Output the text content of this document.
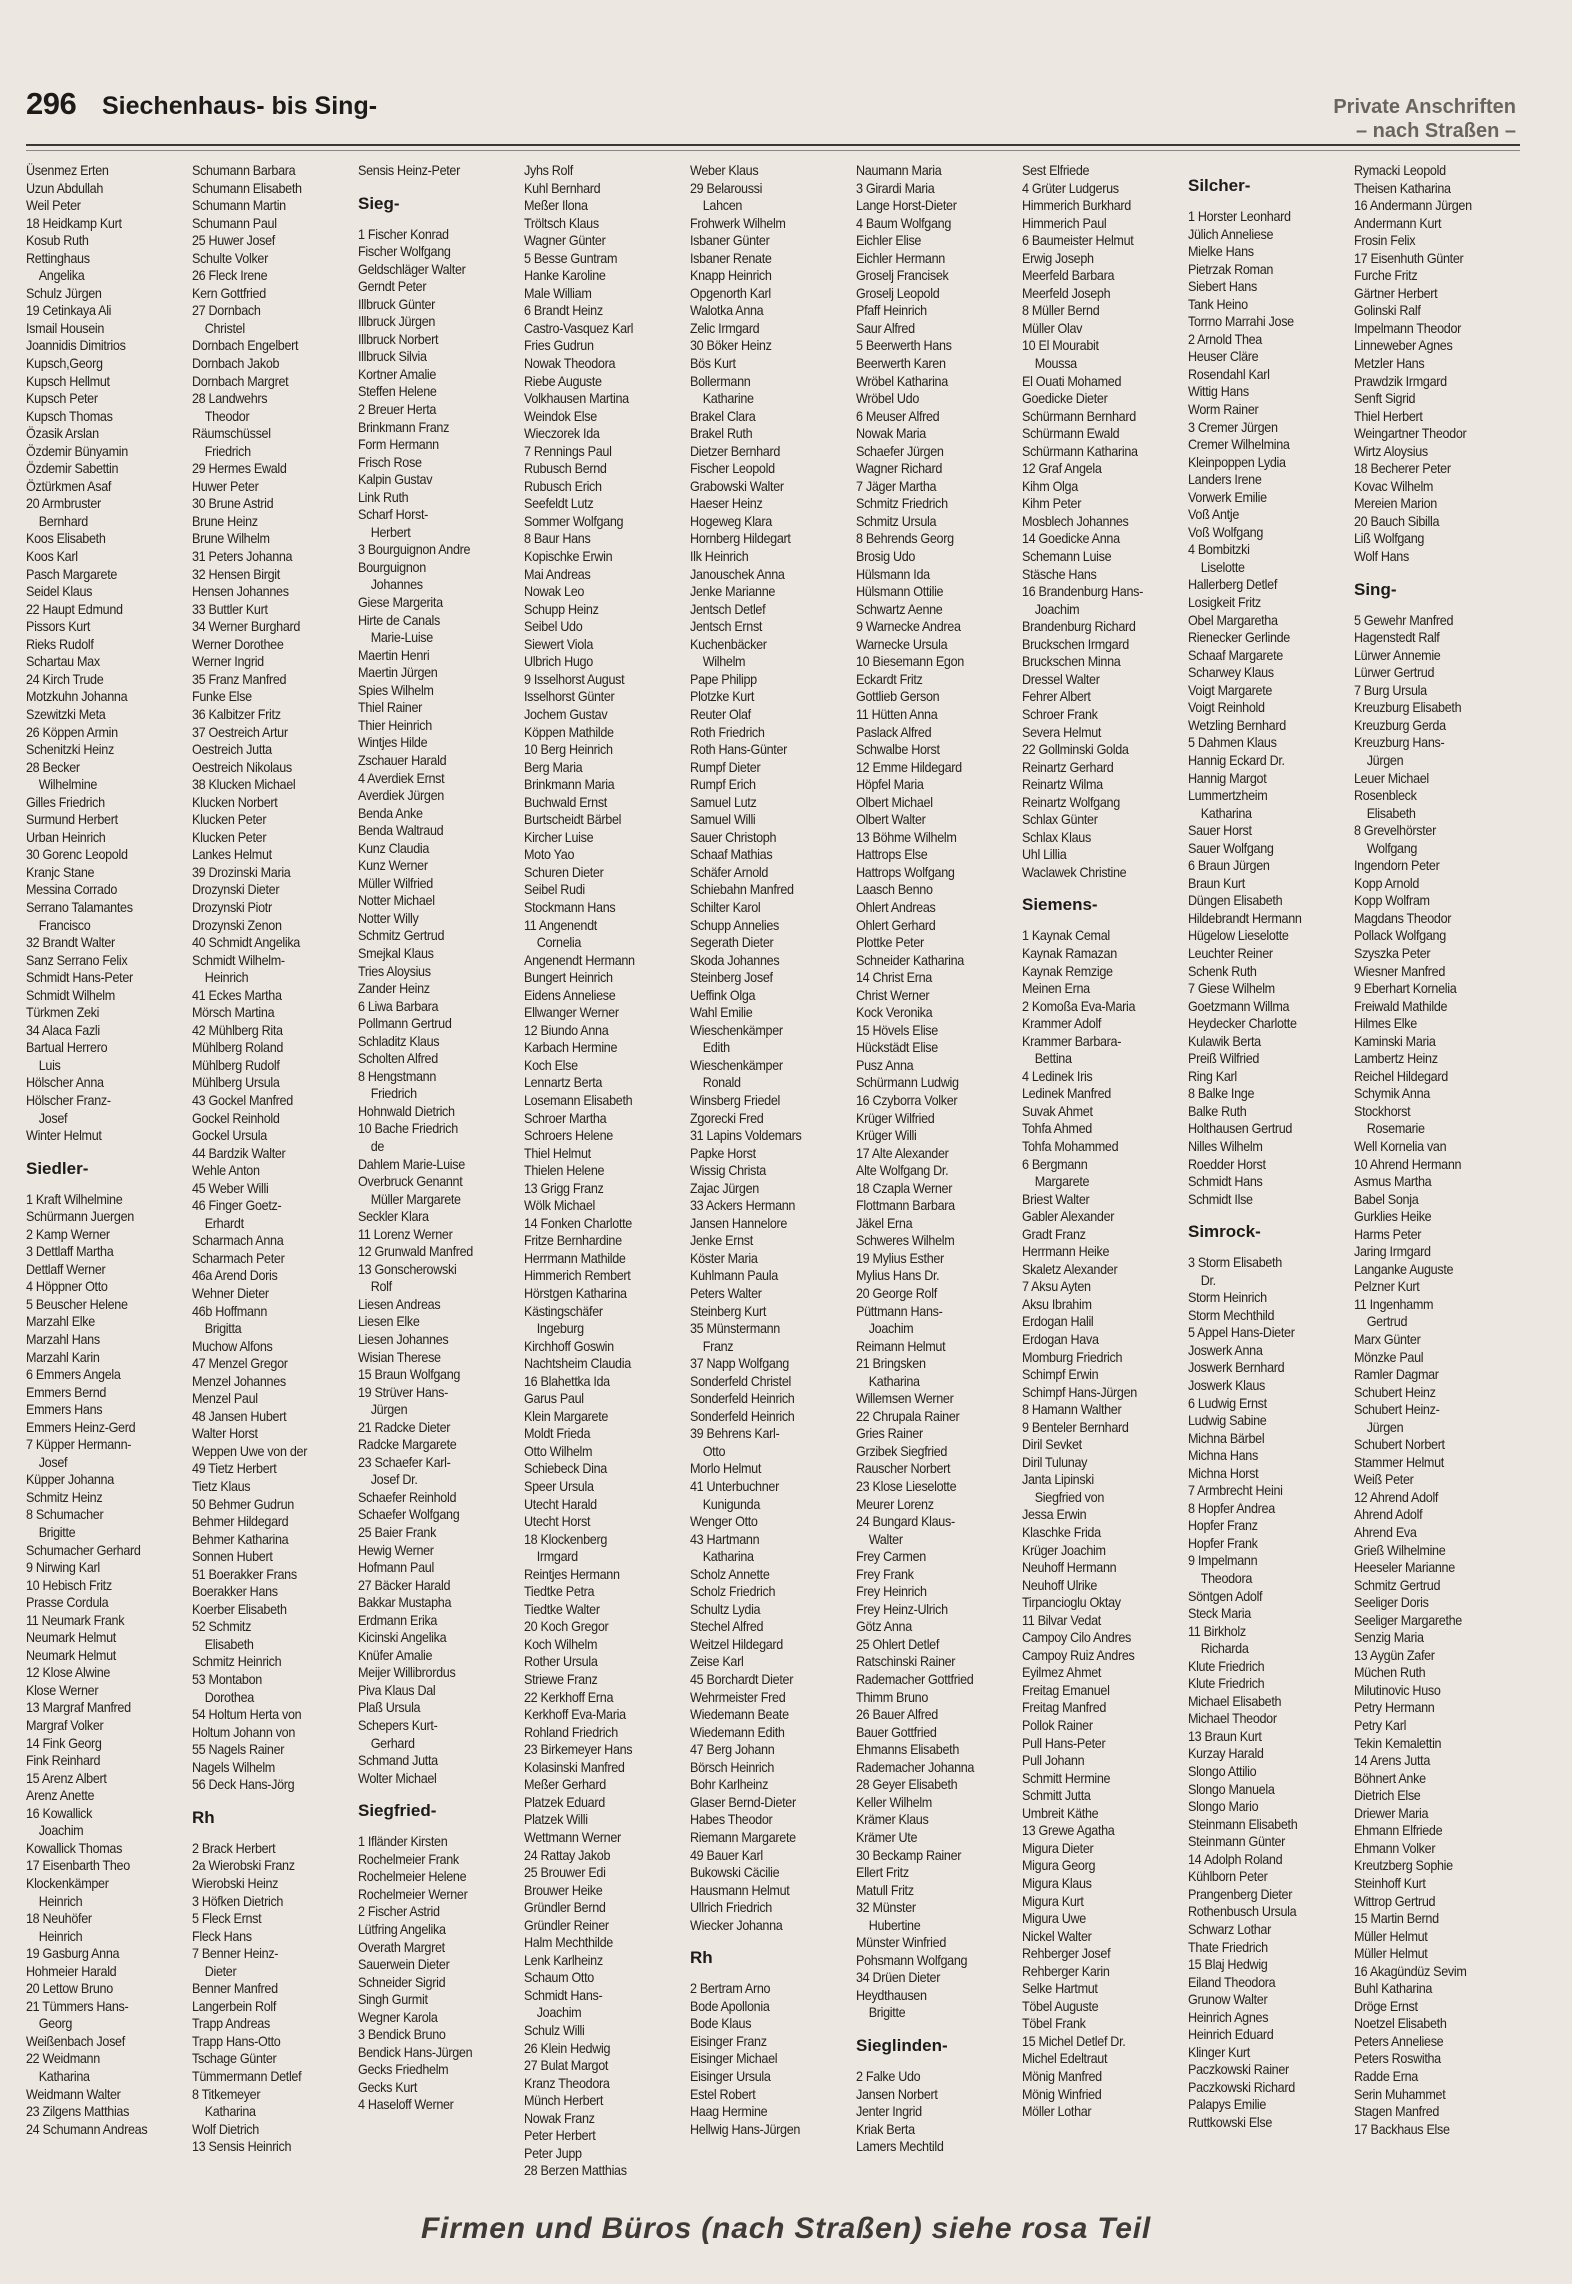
296 Siechenhaus- bis Sing-	Private Anschriften
– nach Straßen –
Üsenmez Erten
Uzun Abdullah
Weil Peter
18 Heidkamp Kurt
Kosub Ruth
Rettinghaus
Angelika
Schulz Jürgen
19 Cetinkaya Ali
Ismail Housein
Joannidis Dimitrios
Kupsch,Georg
Kupsch Hellmut
Kupsch Peter
Kupsch Thomas
Özasik Arslan
Özdemir Bünyamin
Özdemir Sabettin
Öztürkmen Asaf
20 Armbruster
Bernhard
Koos Elisabeth
Koos Karl
Pasch Margarete
Seidel Klaus
22 Haupt Edmund
Pissors Kurt
Rieks Rudolf
Schartau Max
24 Kirch Trude
Motzkuhn Johanna
Szewitzki Meta
26 Köppen Armin
Schenitzki Heinz
28 Becker
Wilhelmine
Gilles Friedrich
Surmund Herbert
Urban Heinrich
30 Gorenc Leopold
Kranjc Stane
Messina Corrado
Serrano Talamantes
Francisco
32 Brandt Walter
Sanz Serrano Felix
Schmidt Hans-Peter
Schmidt Wilhelm
Türkmen Zeki
34 Alaca Fazli
Bartual Herrero
Luis
Hölscher Anna
Hölscher Franz-
Josef
Winter Helmut
Siedler-
1 Kraft Wilhelmine
Schürmann Juergen
2 Kamp Werner
3 Dettlaff Martha
Dettlaff Werner
4 Höppner Otto
5 Beuscher Helene
Marzahl Elke
Marzahl Hans
Marzahl Karin
6 Emmers Angela
Emmers Bernd
Emmers Hans
Emmers Heinz-Gerd
7 Küpper Hermann-
Josef
Küpper Johanna
Schmitz Heinz
8 Schumacher
Brigitte
Schumacher Gerhard
9 Nirwing Karl
10 Hebisch Fritz
Prasse Cordula
11 Neumark Frank
Neumark Helmut
Neumark Helmut
12 Klose Alwine
Klose Werner
13 Margraf Manfred
Margraf Volker
14 Fink Georg
Fink Reinhard
15 Arenz Albert
Arenz Anette
16 Kowallick
Joachim
Kowallick Thomas
17 Eisenbarth Theo
Klockenkämper
Heinrich
18 Neuhöfer
Heinrich
19 Gasburg Anna
Hohmeier Harald
20 Lettow Bruno
21 Tümmers Hans-
Georg
Weißenbach Josef
22 Weidmann
Katharina
Weidmann Walter
23 Zilgens Matthias
24 Schumann Andreas
Schumann Barbara
Schumann Elisabeth
Schumann Martin
Schumann Paul
25 Huwer Josef
Schulte Volker
26 Fleck Irene
Kern Gottfried
27 Dornbach
Christel
Dornbach Engelbert
Dornbach Jakob
Dornbach Margret
28 Landwehrs
Theodor
Räumschüssel
Friedrich
29 Hermes Ewald
Huwer Peter
30 Brune Astrid
Brune Heinz
Brune Wilhelm
31 Peters Johanna
32 Hensen Birgit
Hensen Johannes
33 Buttler Kurt
34 Werner Burghard
Werner Dorothee
Werner Ingrid
35 Franz Manfred
Funke Else
36 Kalbitzer Fritz
37 Oestreich Artur
Oestreich Jutta
Oestreich Nikolaus
38 Klucken Michael
Klucken Norbert
Klucken Peter
Klucken Peter
Lankes Helmut
39 Drozinski Maria
Drozynski Dieter
Drozynski Piotr
Drozynski Zenon
40 Schmidt Angelika
Schmidt Wilhelm-
Heinrich
41 Eckes Martha
Mörsch Martina
42 Mühlberg Rita
Mühlberg Roland
Mühlberg Rudolf
Mühlberg Ursula
43 Gockel Manfred
Gockel Reinhold
Gockel Ursula
44 Bardzik Walter
Wehle Anton
45 Weber Willi
46 Finger Goetz-
Erhardt
Scharmach Anna
Scharmach Peter
46a Arend Doris
Wehner Dieter
46b Hoffmann
Brigitta
Muchow Alfons
47 Menzel Gregor
Menzel Johannes
Menzel Paul
48 Jansen Hubert
Walter Horst
Weppen Uwe von der
49 Tietz Herbert
Tietz Klaus
50 Behmer Gudrun
Behmer Hildegard
Behmer Katharina
Sonnen Hubert
51 Boerakker Frans
Boerakker Hans
Koerber Elisabeth
52 Schmitz
Elisabeth
Schmitz Heinrich
53 Montabon
Dorothea
54 Holtum Herta von
Holtum Johann von
55 Nagels Rainer
Nagels Wilhelm
56 Deck Hans-Jörg
Rh
2 Brack Herbert
2a Wierobski Franz
Wierobski Heinz
3 Höfken Dietrich
5 Fleck Ernst
Fleck Hans
7 Benner Heinz-
Dieter
Benner Manfred
Langerbein Rolf
Trapp Andreas
Trapp Hans-Otto
Tschage Günter
Tümmermann Detlef
8 Titkemeyer
Katharina
Wolf Dietrich
13 Sensis Heinrich
Sensis Heinz-Peter
Sieg-
1 Fischer Konrad
Fischer Wolfgang
Geldschläger Walter
Gerndt Peter
Illbruck Günter
Illbruck Jürgen
Illbruck Norbert
Illbruck Silvia
Kortner Amalie
Steffen Helene
2 Breuer Herta
Brinkmann Franz
Form Hermann
Frisch Rose
Kalpin Gustav
Link Ruth
Scharf Horst-
Herbert
3 Bourguignon Andre
Bourguignon
Johannes
Giese Margerita
Hirte de Canals
Marie-Luise
Maertin Henri
Maertin Jürgen
Spies Wilhelm
Thiel Rainer
Thier Heinrich
Wintjes Hilde
Zschauer Harald
4 Averdiek Ernst
Averdiek Jürgen
Benda Anke
Benda Waltraud
Kunz Claudia
Kunz Werner
Müller Wilfried
Notter Michael
Notter Willy
Schmitz Gertrud
Smejkal Klaus
Tries Aloysius
Zander Heinz
6 Liwa Barbara
Pollmann Gertrud
Schladitz Klaus
Scholten Alfred
8 Hengstmann
Friedrich
Hohnwald Dietrich
10 Bache Friedrich
de
Dahlem Marie-Luise
Overbruck Genannt
Müller Margarete
Seckler Klara
11 Lorenz Werner
12 Grunwald Manfred
13 Gonscherowski
Rolf
Liesen Andreas
Liesen Elke
Liesen Johannes
Wisian Therese
15 Braun Wolfgang
19 Strüver Hans-
Jürgen
21 Radcke Dieter
Radcke Margarete
23 Schaefer Karl-
Josef Dr.
Schaefer Reinhold
Schaefer Wolfgang
25 Baier Frank
Hewig Werner
Hofmann Paul
27 Bäcker Harald
Bakkar Mustapha
Erdmann Erika
Kicinski Angelika
Knüfer Amalie
Meijer Willibrordus
Piva Klaus Dal
Plaß Ursula
Schepers Kurt-
Gerhard
Schmand Jutta
Wolter Michael
Siegfried-
1 Ifländer Kirsten
Rochelmeier Frank
Rochelmeier Helene
Rochelmeier Werner
2 Fischer Astrid
Lütfring Angelika
Overath Margret
Sauerwein Dieter
Schneider Sigrid
Singh Gurmit
Wegner Karola
3 Bendick Bruno
Bendick Hans-Jürgen
Gecks Friedhelm
Gecks Kurt
4 Haseloff Werner
Jyhs Rolf
Kuhl Bernhard
Meßer Ilona
Tröltsch Klaus
Wagner Günter
5 Besse Guntram
Hanke Karoline
Male William
6 Brandt Heinz
Castro-Vasquez Karl
Fries Gudrun
Nowak Theodora
Riebe Auguste
Volkhausen Martina
Weindok Else
Wieczorek Ida
7 Rennings Paul
Rubusch Bernd
Rubusch Erich
Seefeldt Lutz
Sommer Wolfgang
8 Baur Hans
Kopischke Erwin
Mai Andreas
Nowak Leo
Schupp Heinz
Seibel Udo
Siewert Viola
Ulbrich Hugo
9 Isselhorst August
Isselhorst Günter
Jochem Gustav
Köppen Mathilde
10 Berg Heinrich
Berg Maria
Brinkmann Maria
Buchwald Ernst
Burtscheidt Bärbel
Kircher Luise
Moto Yao
Schuren Dieter
Seibel Rudi
Stockmann Hans
11 Angenendt
Cornelia
Angenendt Hermann
Bungert Heinrich
Eidens Anneliese
Ellwanger Werner
12 Biundo Anna
Karbach Hermine
Koch Else
Lennartz Berta
Losemann Elisabeth
Schroer Martha
Schroers Helene
Thiel Helmut
Thielen Helene
13 Grigg Franz
Wölk Michael
14 Fonken Charlotte
Fritze Bernhardine
Herrmann Mathilde
Himmerich Rembert
Hörstgen Katharina
Kästingschäfer
Ingeburg
Kirchhoff Goswin
Nachtsheim Claudia
16 Blahettka Ida
Garus Paul
Klein Margarete
Moldt Frieda
Otto Wilhelm
Schiebeck Dina
Speer Ursula
Utecht Harald
Utecht Horst
18 Klockenberg
Irmgard
Reintjes Hermann
Tiedtke Petra
Tiedtke Walter
20 Koch Gregor
Koch Wilhelm
Rother Ursula
Striewe Franz
22 Kerkhoff Erna
Kerkhoff Eva-Maria
Rohland Friedrich
23 Birkemeyer Hans
Kolasinski Manfred
Meßer Gerhard
Platzek Eduard
Platzek Willi
Wettmann Werner
24 Rattay Jakob
25 Brouwer Edi
Brouwer Heike
Gründler Bernd
Gründler Reiner
Halm Mechthilde
Lenk Karlheinz
Schaum Otto
Schmidt Hans-
Joachim
Schulz Willi
26 Klein Hedwig
27 Bulat Margot
Kranz Theodora
Münch Herbert
Nowak Franz
Peter Herbert
Peter Jupp
28 Berzen Matthias
Weber Klaus
29 Belaroussi
Lahcen
Frohwerk Wilhelm
Isbaner Günter
Isbaner Renate
Knapp Heinrich
Opgenorth Karl
Walotka Anna
Zelic Irmgard
30 Böker Heinz
Bös Kurt
Bollermann
Katharine
Brakel Clara
Brakel Ruth
Dietzer Bernhard
Fischer Leopold
Grabowski Walter
Haeser Heinz
Hogeweg Klara
Hornberg Hildegart
Ilk Heinrich
Janouschek Anna
Jenke Marianne
Jentsch Detlef
Jentsch Ernst
Kuchenbäcker
Wilhelm
Pape Philipp
Plotzke Kurt
Reuter Olaf
Roth Friedrich
Roth Hans-Günter
Rumpf Dieter
Rumpf Erich
Samuel Lutz
Samuel Willi
Sauer Christoph
Schaaf Mathias
Schäfer Arnold
Schiebahn Manfred
Schilter Karol
Schupp Annelies
Segerath Dieter
Skoda Johannes
Steinberg Josef
Ueffink Olga
Wahl Emilie
Wieschenkämper
Edith
Wieschenkämper
Ronald
Winsberg Friedel
Zgorecki Fred
31 Lapins Voldemars
Papke Horst
Wissig Christa
Zajac Jürgen
33 Ackers Hermann
Jansen Hannelore
Jenke Ernst
Köster Maria
Kuhlmann Paula
Peters Walter
Steinberg Kurt
35 Münstermann
Franz
37 Napp Wolfgang
Sonderfeld Christel
Sonderfeld Heinrich
Sonderfeld Heinrich
39 Behrens Karl-
Otto
Morlo Helmut
41 Unterbuchner
Kunigunda
Wenger Otto
43 Hartmann
Katharina
Scholz Annette
Scholz Friedrich
Schultz Lydia
Stechel Alfred
Weitzel Hildegard
Zeise Karl
45 Borchardt Dieter
Wehrmeister Fred
Wiedemann Beate
Wiedemann Edith
47 Berg Johann
Börsch Heinrich
Bohr Karlheinz
Glaser Bernd-Dieter
Habes Theodor
Riemann Margarete
49 Bauer Karl
Bukowski Cäcilie
Hausmann Helmut
Ullrich Friedrich
Wiecker Johanna
Rh
2 Bertram Arno
Bode Apollonia
Bode Klaus
Eisinger Franz
Eisinger Michael
Eisinger Ursula
Estel Robert
Haag Hermine
Hellwig Hans-Jürgen
Naumann Maria
3 Girardi Maria
Lange Horst-Dieter
4 Baum Wolfgang
Eichler Elise
Eichler Hermann
Groselj Francisek
Groselj Leopold
Pfaff Heinrich
Saur Alfred
5 Beerwerth Hans
Beerwerth Karen
Wröbel Katharina
Wröbel Udo
6 Meuser Alfred
Nowak Maria
Schaefer Jürgen
Wagner Richard
7 Jäger Martha
Schmitz Friedrich
Schmitz Ursula
8 Behrends Georg
Brosig Udo
Hülsmann Ida
Hülsmann Ottilie
Schwartz Aenne
9 Warnecke Andrea
Warnecke Ursula
10 Biesemann Egon
Eckardt Fritz
Gottlieb Gerson
11 Hütten Anna
Paslack Alfred
Schwalbe Horst
12 Emme Hildegard
Höpfel Maria
Olbert Michael
Olbert Walter
13 Böhme Wilhelm
Hattrops Else
Hattrops Wolfgang
Laasch Benno
Ohlert Andreas
Ohlert Gerhard
Plottke Peter
Schneider Katharina
14 Christ Erna
Christ Werner
Kock Veronika
15 Hövels Elise
Hückstädt Elise
Pusz Anna
Schürmann Ludwig
16 Czyborra Volker
Krüger Wilfried
Krüger Willi
17 Alte Alexander
Alte Wolfgang Dr.
18 Czapla Werner
Flottmann Barbara
Jäkel Erna
Schweres Wilhelm
19 Mylius Esther
Mylius Hans Dr.
20 George Rolf
Püttmann Hans-
Joachim
Reimann Helmut
21 Bringsken
Katharina
Willemsen Werner
22 Chrupala Rainer
Gries Rainer
Grzibek Siegfried
Rauscher Norbert
23 Klose Lieselotte
Meurer Lorenz
24 Bungard Klaus-
Walter
Frey Carmen
Frey Frank
Frey Heinrich
Frey Heinz-Ulrich
Götz Anna
25 Ohlert Detlef
Ratschinski Rainer
Rademacher Gottfried
Thimm Bruno
26 Bauer Alfred
Bauer Gottfried
Ehmanns Elisabeth
Rademacher Johanna
28 Geyer Elisabeth
Keller Wilhelm
Krämer Klaus
Krämer Ute
30 Beckamp Rainer
Ellert Fritz
Matull Fritz
32 Münster
Hubertine
Münster Winfried
Pohsmann Wolfgang
34 Drüen Dieter
Heydthausen
Brigitte
Sieglinden-
2 Falke Udo
Jansen Norbert
Jenter Ingrid
Kriak Berta
Lamers Mechtild
Sest Elfriede
4 Grüter Ludgerus
Himmerich Burkhard
Himmerich Paul
6 Baumeister Helmut
Erwig Joseph
Meerfeld Barbara
Meerfeld Joseph
8 Müller Bernd
Müller Olav
10 El Mourabit
Moussa
El Ouati Mohamed
Goedicke Dieter
Schürmann Bernhard
Schürmann Ewald
Schürmann Katharina
12 Graf Angela
Kihm Olga
Kihm Peter
Mosblech Johannes
14 Goedicke Anna
Schemann Luise
Stäsche Hans
16 Brandenburg Hans-
Joachim
Brandenburg Richard
Bruckschen Irmgard
Bruckschen Minna
Dressel Walter
Fehrer Albert
Schroer Frank
Severa Helmut
22 Gollminski Golda
Reinartz Gerhard
Reinartz Wilma
Reinartz Wolfgang
Schlax Günter
Schlax Klaus
Uhl Lillia
Waclawek Christine
Siemens-
1 Kaynak Cemal
Kaynak Ramazan
Kaynak Remzige
Meinen Erna
2 Komoßa Eva-Maria
Krammer Adolf
Krammer Barbara-
Bettina
4 Ledinek Iris
Ledinek Manfred
Suvak Ahmet
Tohfa Ahmed
Tohfa Mohammed
6 Bergmann
Margarete
Briest Walter
Gabler Alexander
Gradt Franz
Herrmann Heike
Skaletz Alexander
7 Aksu Ayten
Aksu Ibrahim
Erdogan Halil
Erdogan Hava
Momburg Friedrich
Schimpf Erwin
Schimpf Hans-Jürgen
8 Hamann Walther
9 Benteler Bernhard
Diril Sevket
Diril Tulunay
Janta Lipinski
Siegfried von
Jessa Erwin
Klaschke Frida
Krüger Joachim
Neuhoff Hermann
Neuhoff Ulrike
Tirpancioglu Oktay
11 Bilvar Vedat
Campoy Cilo Andres
Campoy Ruiz Andres
Eyilmez Ahmet
Freitag Emanuel
Freitag Manfred
Pollok Rainer
Pull Hans-Peter
Pull Johann
Schmitt Hermine
Schmitt Jutta
Umbreit Käthe
13 Grewe Agatha
Migura Dieter
Migura Georg
Migura Klaus
Migura Kurt
Migura Uwe
Nickel Walter
Rehberger Josef
Rehberger Karin
Selke Hartmut
Töbel Auguste
Töbel Frank
15 Michel Detlef Dr.
Michel Edeltraut
Mönig Manfred
Mönig Winfried
Möller Lothar
Silcher-
1 Horster Leonhard
Jülich Anneliese
Mielke Hans
Pietrzak Roman
Siebert Hans
Tank Heino
Torrno Marrahi Jose
2 Arnold Thea
Heuser Cläre
Rosendahl Karl
Wittig Hans
Worm Rainer
3 Cremer Jürgen
Cremer Wilhelmina
Kleinpoppen Lydia
Landers Irene
Vorwerk Emilie
Voß Antje
Voß Wolfgang
4 Bombitzki
Liselotte
Hallerberg Detlef
Losigkeit Fritz
Obel Margaretha
Rienecker Gerlinde
Schaaf Margarete
Scharwey Klaus
Voigt Margarete
Voigt Reinhold
Wetzling Bernhard
5 Dahmen Klaus
Hannig Eckard Dr.
Hannig Margot
Lummertzheim
Katharina
Sauer Horst
Sauer Wolfgang
6 Braun Jürgen
Braun Kurt
Düngen Elisabeth
Hildebrandt Hermann
Hügelow Lieselotte
Leuchter Reiner
Schenk Ruth
7 Giese Wilhelm
Goetzmann Willma
Heydecker Charlotte
Kulawik Berta
Preiß Wilfried
Ring Karl
8 Balke Inge
Balke Ruth
Holthausen Gertrud
Nilles Wilhelm
Roedder Horst
Schmidt Hans
Schmidt Ilse
Simrock-
3 Storm Elisabeth
Dr.
Storm Heinrich
Storm Mechthild
5 Appel Hans-Dieter
Joswerk Anna
Joswerk Bernhard
Joswerk Klaus
6 Ludwig Ernst
Ludwig Sabine
Michna Bärbel
Michna Hans
Michna Horst
7 Armbrecht Heini
8 Hopfer Andrea
Hopfer Franz
Hopfer Frank
9 Impelmann
Theodora
Söntgen Adolf
Steck Maria
11 Birkholz
Richarda
Klute Friedrich
Klute Friedrich
Michael Elisabeth
Michael Theodor
13 Braun Kurt
Kurzay Harald
Slongo Attilio
Slongo Manuela
Slongo Mario
Steinmann Elisabeth
Steinmann Günter
14 Adolph Roland
Kühlborn Peter
Prangenberg Dieter
Rothenbusch Ursula
Schwarz Lothar
Thate Friedrich
15 Blaj Hedwig
Eiland Theodora
Grunow Walter
Heinrich Agnes
Heinrich Eduard
Klinger Kurt
Paczkowski Rainer
Paczkowski Richard
Palapys Emilie
Ruttkowski Else
Rymacki Leopold
Theisen Katharina
16 Andermann Jürgen
Andermann Kurt
Frosin Felix
17 Eisenhuth Günter
Furche Fritz
Gärtner Herbert
Golinski Ralf
Impelmann Theodor
Linneweber Agnes
Metzler Hans
Prawdzik Irmgard
Senft Sigrid
Thiel Herbert
Weingartner Theodor
Wirtz Aloysius
18 Becherer Peter
Kovac Wilhelm
Mereien Marion
20 Bauch Sibilla
Liß Wolfgang
Wolf Hans
Sing-
5 Gewehr Manfred
Hagenstedt Ralf
Lürwer Annemie
Lürwer Gertrud
7 Burg Ursula
Kreuzburg Elisabeth
Kreuzburg Gerda
Kreuzburg Hans-
Jürgen
Leuer Michael
Rosenbleck
Elisabeth
8 Grevelhörster
Wolfgang
Ingendorn Peter
Kopp Arnold
Kopp Wolfram
Magdans Theodor
Pollack Wolfgang
Szyszka Peter
Wiesner Manfred
9 Eberhart Kornelia
Freiwald Mathilde
Hilmes Elke
Kaminski Maria
Lambertz Heinz
Reichel Hildegard
Schymik Anna
Stockhorst
Rosemarie
Well Kornelia van
10 Ahrend Hermann
Asmus Martha
Babel Sonja
Gurklies Heike
Harms Peter
Jaring Irmgard
Langanke Auguste
Pelzner Kurt
11 Ingenhamm
Gertrud
Marx Günter
Mönzke Paul
Ramler Dagmar
Schubert Heinz
Schubert Heinz-
Jürgen
Schubert Norbert
Stammer Helmut
Weiß Peter
12 Ahrend Adolf
Ahrend Adolf
Ahrend Eva
Grieß Wilhelmine
Heeseler Marianne
Schmitz Gertrud
Seeliger Doris
Seeliger Margarethe
Senzig Maria
13 Aygün Zafer
Müchen Ruth
Milutinovic Huso
Petry Hermann
Petry Karl
Tekin Kemalettin
14 Arens Jutta
Böhnert Anke
Dietrich Else
Driewer Maria
Ehmann Elfriede
Ehmann Volker
Kreutzberg Sophie
Steinhoff Kurt
Wittrop Gertrud
15 Martin Bernd
Müller Helmut
Müller Helmut
16 Akagündüz Sevim
Buhl Katharina
Dröge Ernst
Noetzel Elisabeth
Peters Anneliese
Peters Roswitha
Radde Erna
Serin Muhammet
Stagen Manfred
17 Backhaus Else
Firmen und Büros (nach Straßen) siehe rosa Teil
